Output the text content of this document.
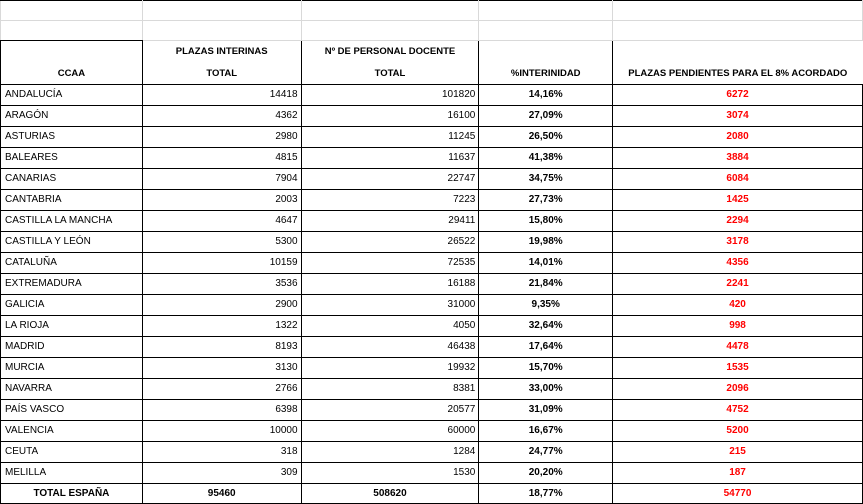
	PLAZAS INTERINAS	Nº DE PERSONAL DOCENTE		
CCAA	TOTAL	TOTAL	%INTERINIDAD	PLAZAS PENDIENTES PARA EL 8% ACORDADO
ANDALUCÍA	14418	101820	14,16%	6272
ARAGÓN	4362	16100	27,09%	3074
ASTURIAS	2980	11245	26,50%	2080
BALEARES	4815	11637	41,38%	3884
CANARIAS	7904	22747	34,75%	6084
CANTABRIA	2003	7223	27,73%	1425
CASTILLA LA MANCHA	4647	29411	15,80%	2294
CASTILLA Y LEÓN	5300	26522	19,98%	3178
CATALUÑA	10159	72535	14,01%	4356
EXTREMADURA	3536	16188	21,84%	2241
GALICIA	2900	31000	9,35%	420
LA RIOJA	1322	4050	32,64%	998
MADRID	8193	46438	17,64%	4478
MURCIA	3130	19932	15,70%	1535
NAVARRA	2766	8381	33,00%	2096
PAÍS VASCO	6398	20577	31,09%	4752
VALENCIA	10000	60000	16,67%	5200
CEUTA	318	1284	24,77%	215
MELILLA	309	1530	20,20%	187
TOTAL ESPAÑA	95460	508620	18,77%	54770
